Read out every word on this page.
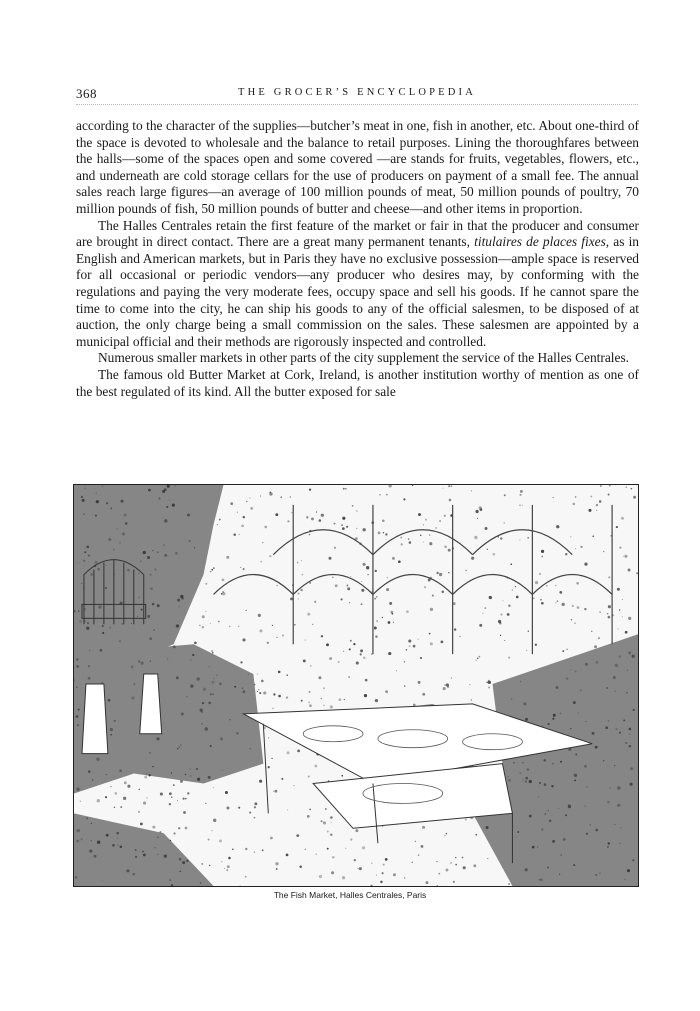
368	THE GROCER’S ENCYCLOPEDIA

according to the character of the supplies—butcher’s meat in one, fish in another, etc. About one-third of the space is devoted to wholesale and the balance to retail purposes. Lining the thoroughfares between the halls—some of the spaces open and some covered —are stands for fruits, vegetables, flowers, etc., and underneath are cold storage cellars for the use of producers on payment of a small fee. The annual sales reach large figures—an average of 100 million pounds of meat, 50 million pounds of poultry, 70 million pounds of fish, 50 million pounds of butter and cheese—and other items in proportion.

The Halles Centrales retain the first feature of the market or fair in that the producer and consumer are brought in direct contact. There are a great many permanent tenants, titulaires de places fixes, as in English and American markets, but in Paris they have no exclusive possession—ample space is reserved for all occasional or periodic vendors—any producer who desires may, by conforming with the regulations and paying the very moderate fees, occupy space and sell his goods. If he cannot spare the time to come into the city, he can ship his goods to any of the official salesmen, to be disposed of at auction, the only charge being a small commission on the sales. These salesmen are appointed by a municipal official and their methods are rigorously inspected and controlled.

Numerous smaller markets in other parts of the city supplement the service of the Halles Centrales.

The famous old Butter Market at Cork, Ireland, is another institution worthy of mention as one of the best regulated of its kind. All the butter exposed for sale

The Fish Market, Halles Centrales, Paris
